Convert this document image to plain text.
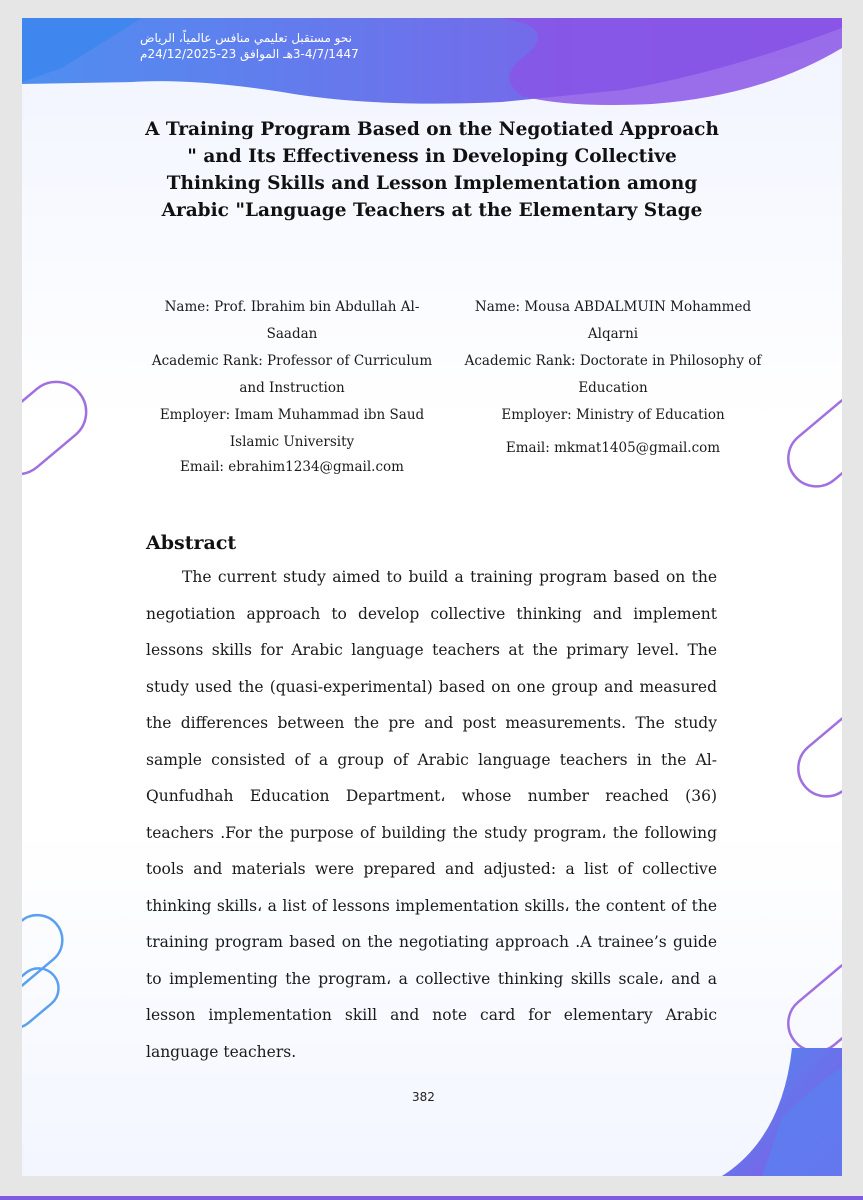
نحو مستقبل تعليمي منافس عالمياً، الرياض
3-4/7/1447هـ الموافق 23-24/12/2025م
A Training Program Based on the Negotiated Approach " and Its Effectiveness in Developing Collective Thinking Skills and Lesson Implementation among Arabic "Language Teachers at the Elementary Stage
Name: Prof. Ibrahim bin Abdullah Al-Saadan
Academic Rank: Professor of Curriculum and Instruction
Employer: Imam Muhammad ibn Saud Islamic University
Email: ebrahim1234@gmail.com
Name: Mousa ABDALMUIN Mohammed Alqarni
Academic Rank: Doctorate in Philosophy of Education
Employer: Ministry of Education
Email: mkmat1405@gmail.com
Abstract
The current study aimed to build a training program based on the negotiation approach to develop collective thinking and implement lessons skills for Arabic language teachers at the primary level. The study used the (quasi-experimental) based on one group and measured the differences between the pre and post measurements. The study sample consisted of a group of Arabic language teachers in the Al-Qunfudhah Education Department، whose number reached (36) teachers .For the purpose of building the study program، the following tools and materials were prepared and adjusted: a list of collective thinking skills، a list of lessons implementation skills، the content of the training program based on the negotiating approach .A trainee’s guide to implementing the program، a collective thinking skills scale، and a lesson implementation skill and note card for elementary Arabic language teachers.
382
